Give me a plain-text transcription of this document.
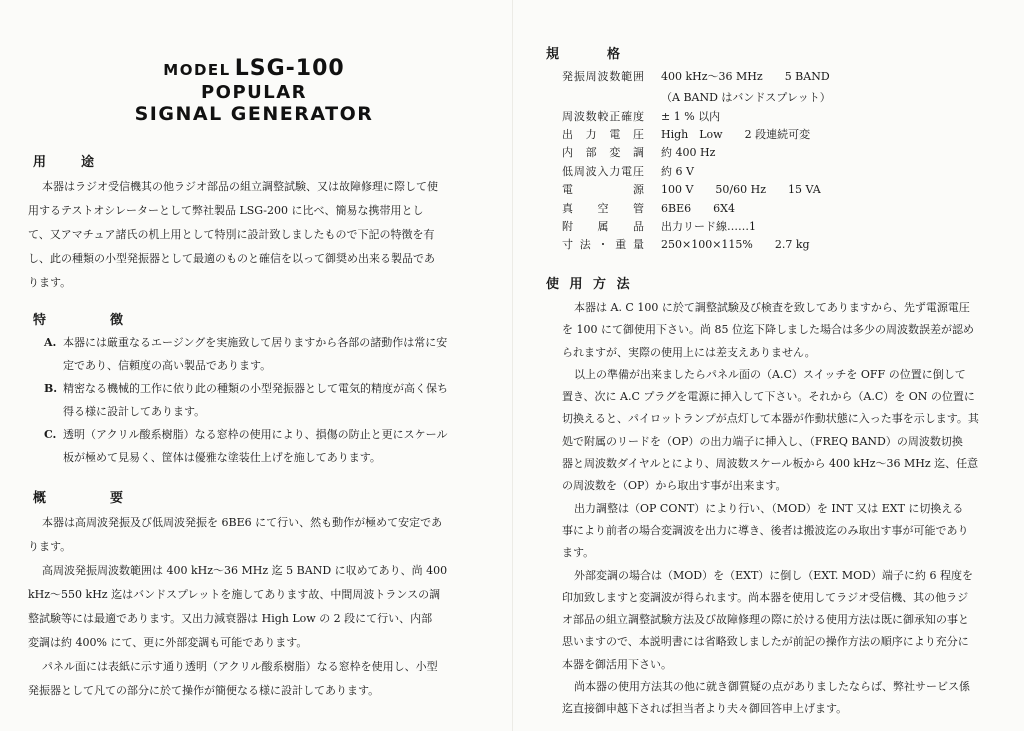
MODEL LSG-100
POPULAR
SIGNAL GENERATOR
用	途

本器はラジオ受信機其の他ラジオ部品の組立調整試験、又は故障修理に際して使

用するテストオシレーターとして弊社製品 LSG-200 に比べ、簡易な携帯用とし

て、又アマチュア諸氏の机上用として特別に設計致しましたもので下記の特徴を有

し、此の種類の小型発振器として最適のものと確信を以って御奨め出来る製品であ

ります。

特	徴
A. 本器には厳重なるエージングを実施致して居りますから各部の諸動作は常に安
定であり、信頼度の高い製品であります。
B. 精密なる機械的工作に依り此の種類の小型発振器として電気的精度が高く保ち
得る様に設計してあります。
C. 透明（アクリル酸系樹脂）なる窓枠の使用により、損傷の防止と更にスケール
板が極めて見易く、筐体は優雅な塗装仕上げを施してあります。
概	要

本器は高周波発振及び低周波発振を 6BE6 にて行い、然も動作が極めて安定であ

ります。

高周波発振周波数範囲は 400 kHz～36 MHz 迄 5 BAND に収めてあり、尚 400

kHz～550 kHz 迄はバンドスプレットを施してあります故、中間周波トランスの調

整試験等には最適であります。又出力減衰器は High Low の 2 段にて行い、内部

変調は約 400% にて、更に外部変調も可能であります。

パネル面には表紙に示す通り透明（アクリル酸系樹脂）なる窓枠を使用し、小型

発振器として凡ての部分に於て操作が簡便なる様に設計してあります。

規	格
発振周波数範囲 400 kHz～36 MHz　　5 BAND
（A BAND はバンドスプレット）
周波数較正確度 ± 1 % 以内
出力電圧 High　Low　　2 段連続可変
内部変調 約 400 Hz
低周波入力電圧 約 6 V
電源 100 V　　50/60 Hz　　15 VA
真空管 6BE6　　6X4
附属品 出力リード線……1
寸法・重量 250×100×115%　　2.7 kg
使 用 方 法

本器は A. C 100 に於て調整試験及び検査を致してありますから、先ず電源電圧

を 100 にて御使用下さい。尚 85 位迄下降しました場合は多少の周波数誤差が認め

られますが、実際の使用上には差支えありません。

以上の準備が出来ましたらパネル面の（A.C）スイッチを OFF の位置に倒して

置き、次に A.C プラグを電源に挿入して下さい。それから（A.C）を ON の位置に

切換えると、パイロットランプが点灯して本器が作動状態に入った事を示します。其

処で附属のリードを（OP）の出力端子に挿入し、（FREQ BAND）の周波数切換

器と周波数ダイヤルとにより、周波数スケール板から 400 kHz～36 MHz 迄、任意

の周波数を（OP）から取出す事が出来ます。

出力調整は（OP CONT）により行い、（MOD）を INT 又は EXT に切換える

事により前者の場合変調波を出力に導き、後者は搬波迄のみ取出す事が可能であり

ます。

外部変調の場合は（MOD）を（EXT）に倒し（EXT. MOD）端子に約 6 程度を

印加致しますと変調波が得られます。尚本器を使用してラジオ受信機、其の他ラジ

オ部品の組立調整試験方法及び故障修理の際に於ける使用方法は既に御承知の事と

思いますので、本説明書には省略致しましたが前記の操作方法の順序により充分に

本器を御活用下さい。

尚本器の使用方法其の他に就き御質疑の点がありましたならば、弊社サービス係

迄直接御申越下されば担当者より夫々御回答申上げます。
